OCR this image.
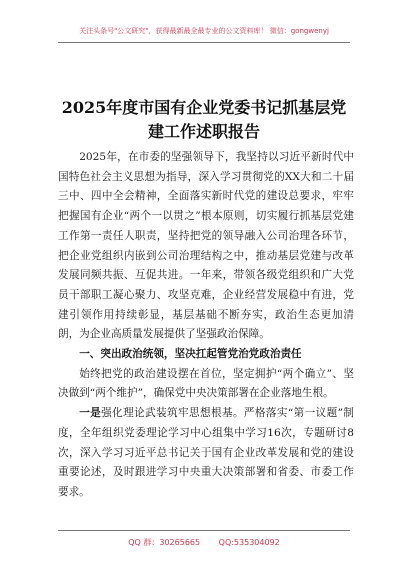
关注头条号"公文研究"，获得最新最全最专业的公文资料库！ 微信：gongwenyj
2025年度市国有企业党委书记抓基层党
建工作述职报告

2025年，在市委的坚强领导下，我坚持以习近平新时代中国特色社会主义思想为指导，深入学习贯彻党的XX大和二十届三中、四中全会精神，全面落实新时代党的建设总要求，牢牢把握国有企业“两个一以贯之”根本原则，切实履行抓基层党建工作第一责任人职责，坚持把党的领导融入公司治理各环节，把企业党组织内嵌到公司治理结构之中，推动基层党建与改革发展同频共振、互促共进。一年来，带领各级党组织和广大党员干部职工凝心聚力、攻坚克难，企业经营发展稳中有进，党建引领作用持续彰显，基层基础不断夯实，政治生态更加清朗，为企业高质量发展提供了坚强政治保障。

一、突出政治统领，坚决扛起管党治党政治责任

始终把党的政治建设摆在首位，坚定拥护“两个确立”、坚决做到“两个维护”，确保党中央决策部署在企业落地生根。

一是强化理论武装筑牢思想根基。严格落实“第一议题”制度，全年组织党委理论学习中心组集中学习16次，专题研讨8次，深入学习习近平总书记关于国有企业改革发展和党的建设重要论述，及时跟进学习中央重大决策部署和省委、市委工作要求。

QQ 群：30265665 QQ:535304092
